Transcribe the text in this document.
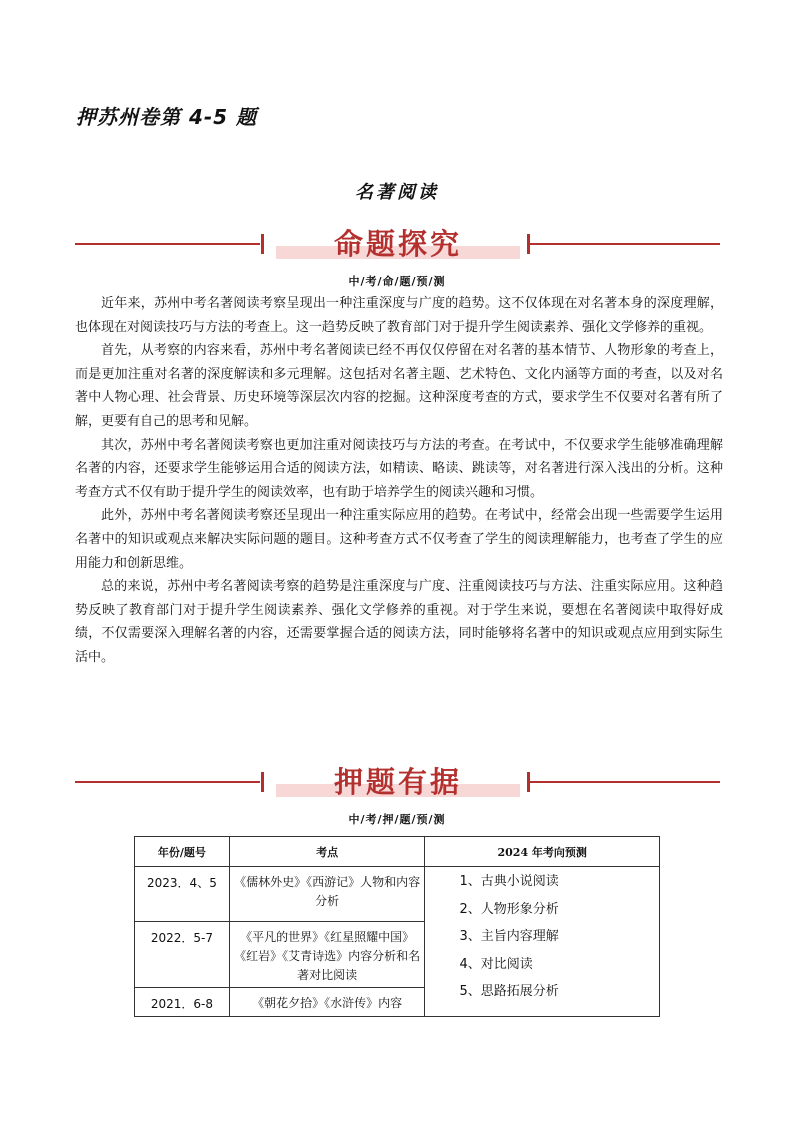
押苏州卷第 4-5 题
名著阅读
命题探究
中/考/命/题/预/测

近年来，苏州中考名著阅读考察呈现出一种注重深度与广度的趋势。这不仅体现在对名著本身的深度理解，也体现在对阅读技巧与方法的考查上。这一趋势反映了教育部门对于提升学生阅读素养、强化文学修养的重视。

首先，从考察的内容来看，苏州中考名著阅读已经不再仅仅停留在对名著的基本情节、人物形象的考查上，而是更加注重对名著的深度解读和多元理解。这包括对名著主题、艺术特色、文化内涵等方面的考查，以及对名著中人物心理、社会背景、历史环境等深层次内容的挖掘。这种深度考查的方式，要求学生不仅要对名著有所了解，更要有自己的思考和见解。

其次，苏州中考名著阅读考察也更加注重对阅读技巧与方法的考查。在考试中，不仅要求学生能够准确理解名著的内容，还要求学生能够运用合适的阅读方法，如精读、略读、跳读等，对名著进行深入浅出的分析。这种考查方式不仅有助于提升学生的阅读效率，也有助于培养学生的阅读兴趣和习惯。

此外，苏州中考名著阅读考察还呈现出一种注重实际应用的趋势。在考试中，经常会出现一些需要学生运用名著中的知识或观点来解决实际问题的题目。这种考查方式不仅考查了学生的阅读理解能力，也考查了学生的应用能力和创新思维。

总的来说，苏州中考名著阅读考察的趋势是注重深度与广度、注重阅读技巧与方法、注重实际应用。这种趋势反映了教育部门对于提升学生阅读素养、强化文学修养的重视。对于学生来说，要想在名著阅读中取得好成绩，不仅需要深入理解名著的内容，还需要掌握合适的阅读方法，同时能够将名著中的知识或观点应用到实际生活中。

押题有据
中/考/押/题/预/测
年份/题号	考点	2024 年考向预测
2023．4、5	《儒林外史》《西游记》人物和内容分析	1、古典小说阅读
2、人物形象分析
3、主旨内容理解
4、对比阅读
5、思路拓展分析

2022．5-7	《平凡的世界》《红星照耀中国》《红岩》《艾青诗选》内容分析和名著对比阅读	
2021．6-8	《朝花夕拾》《水浒传》内容	
